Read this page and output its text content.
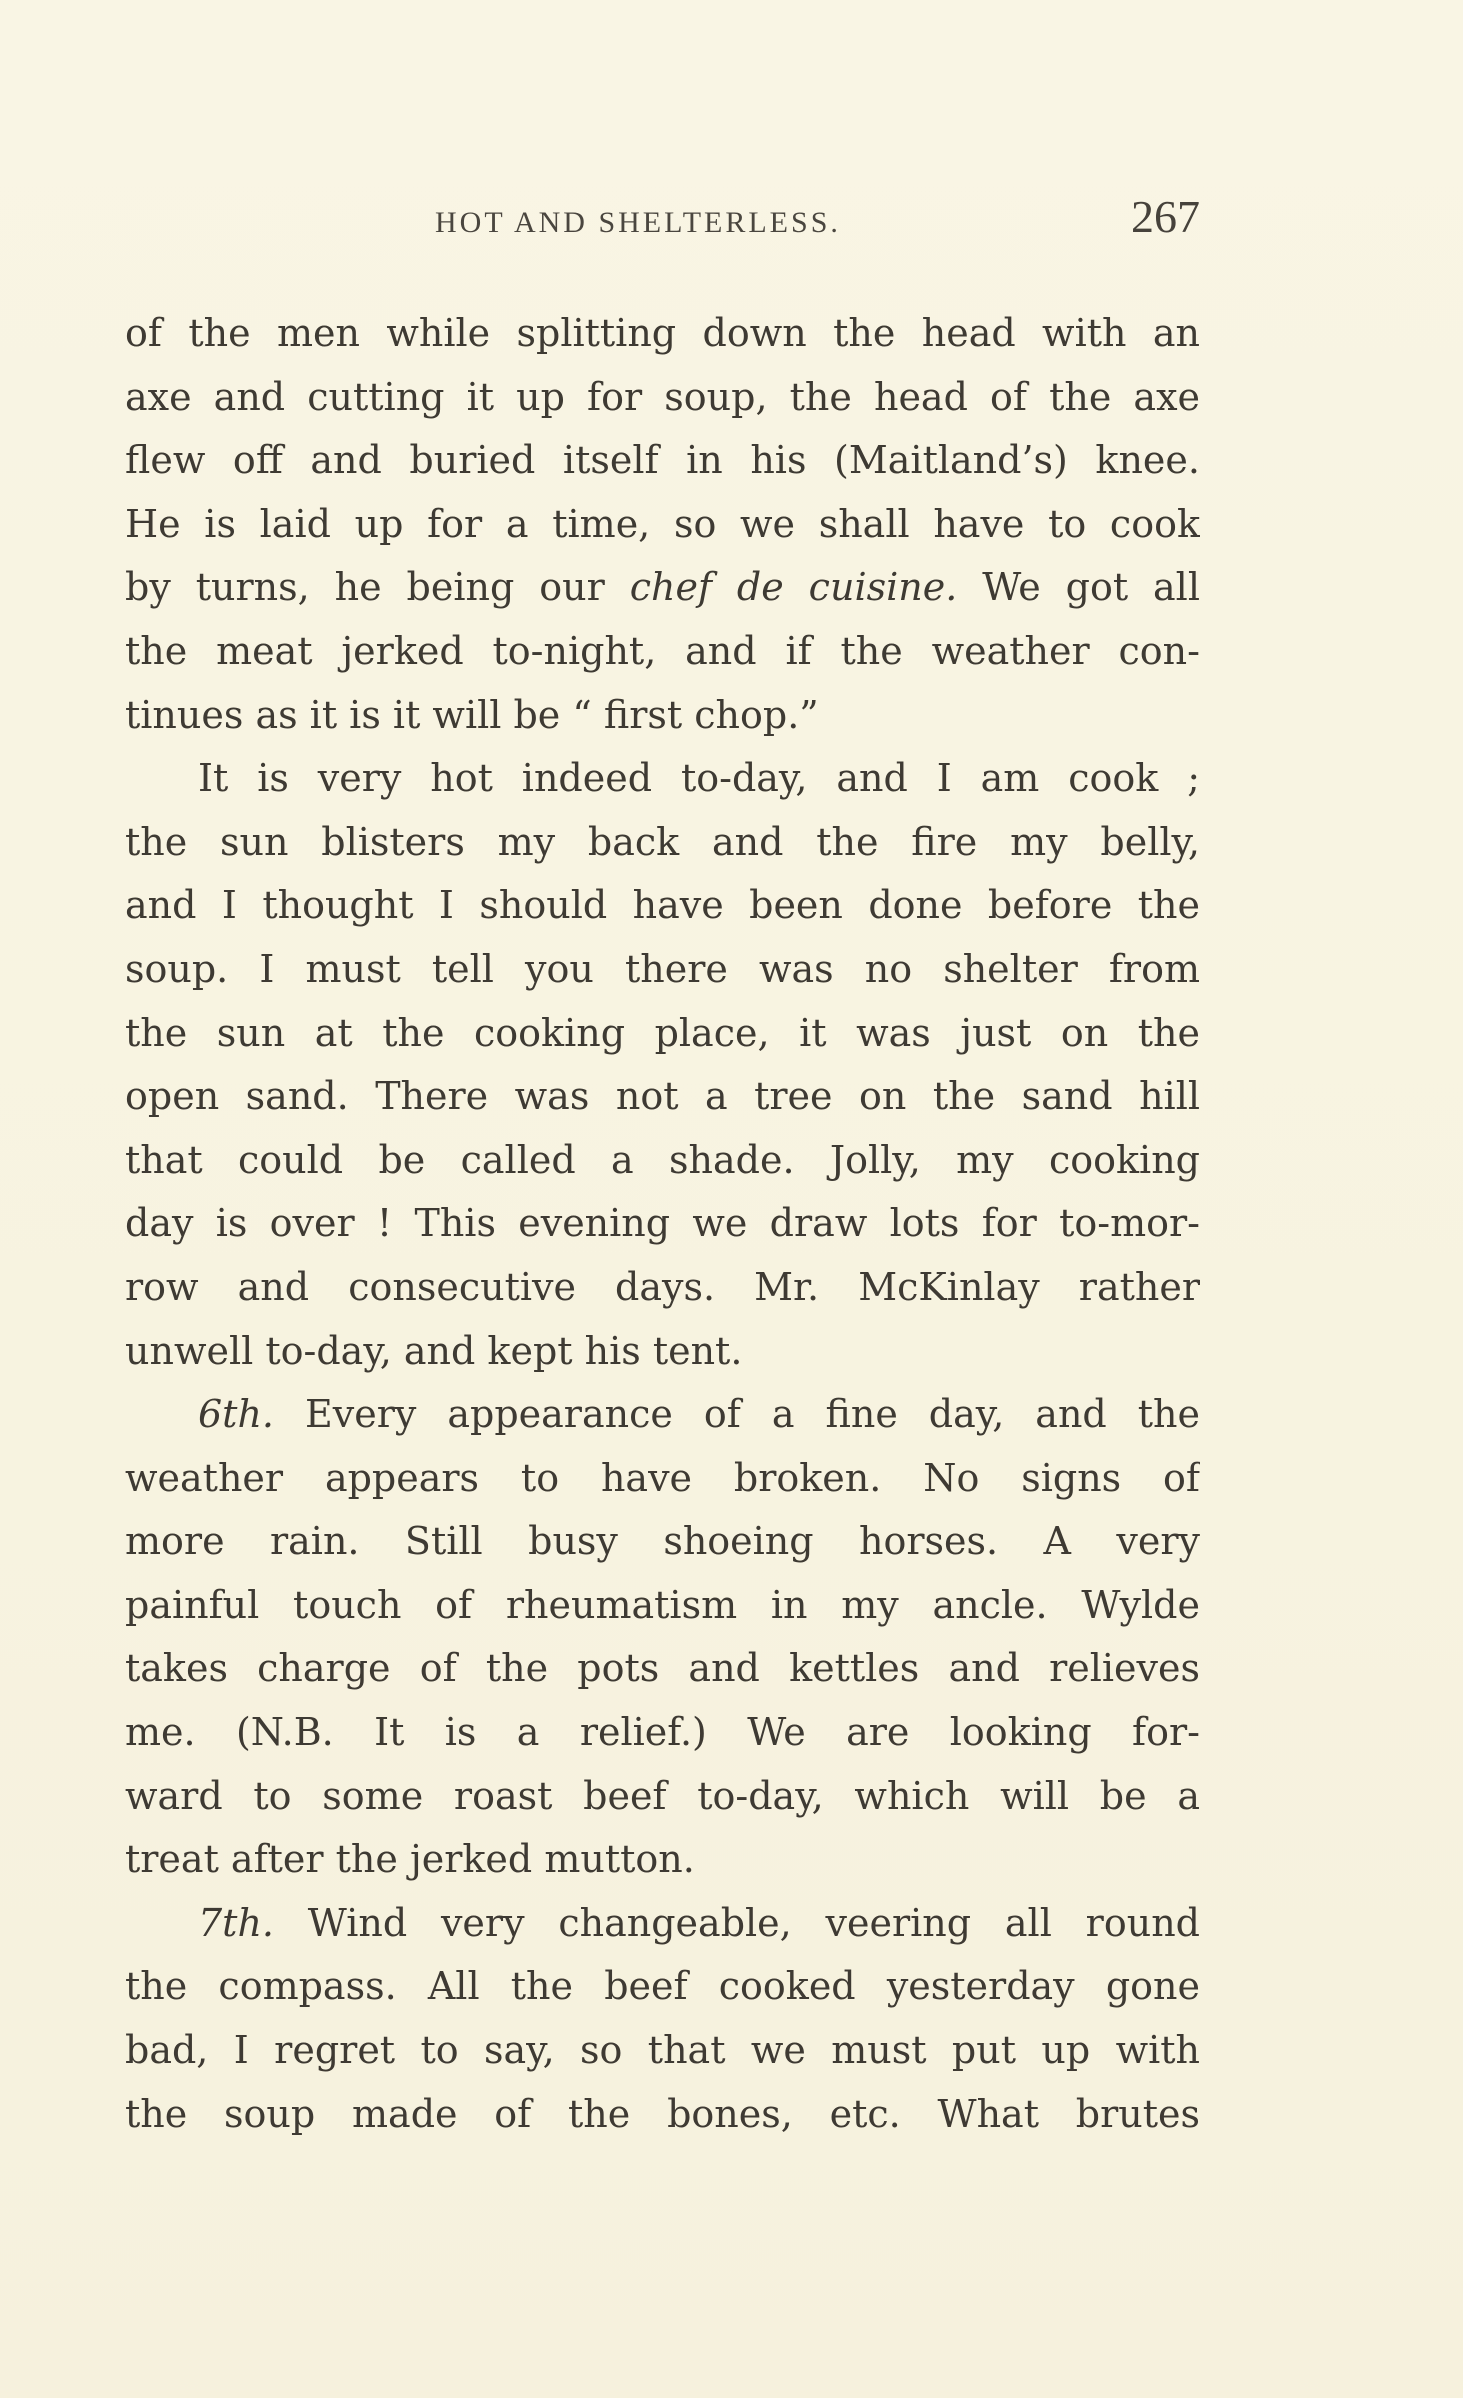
HOT AND SHELTERLESS.	267
of the men while splitting down the head with an
axe and cutting it up for soup, the head of the axe
flew off and buried itself in his (Maitland’s) knee.
He is laid up for a time, so we shall have to cook
by turns, he being our chef de cuisine. We got all
the meat jerked to-night, and if the weather con-
tinues as it is it will be “ first chop.”
It is very hot indeed to-day, and I am cook ;
the sun blisters my back and the fire my belly,
and I thought I should have been done before the
soup. I must tell you there was no shelter from
the sun at the cooking place, it was just on the
open sand. There was not a tree on the sand hill
that could be called a shade. Jolly, my cooking
day is over ! This evening we draw lots for to-mor-
row and consecutive days. Mr. McKinlay rather
unwell to-day, and kept his tent.
6th. Every appearance of a fine day, and the
weather appears to have broken. No signs of
more rain. Still busy shoeing horses. A very
painful touch of rheumatism in my ancle. Wylde
takes charge of the pots and kettles and relieves
me. (N.B. It is a relief.) We are looking for-
ward to some roast beef to-day, which will be a
treat after the jerked mutton.
7th. Wind very changeable, veering all round
the compass. All the beef cooked yesterday gone
bad, I regret to say, so that we must put up with
the soup made of the bones, etc. What brutes
